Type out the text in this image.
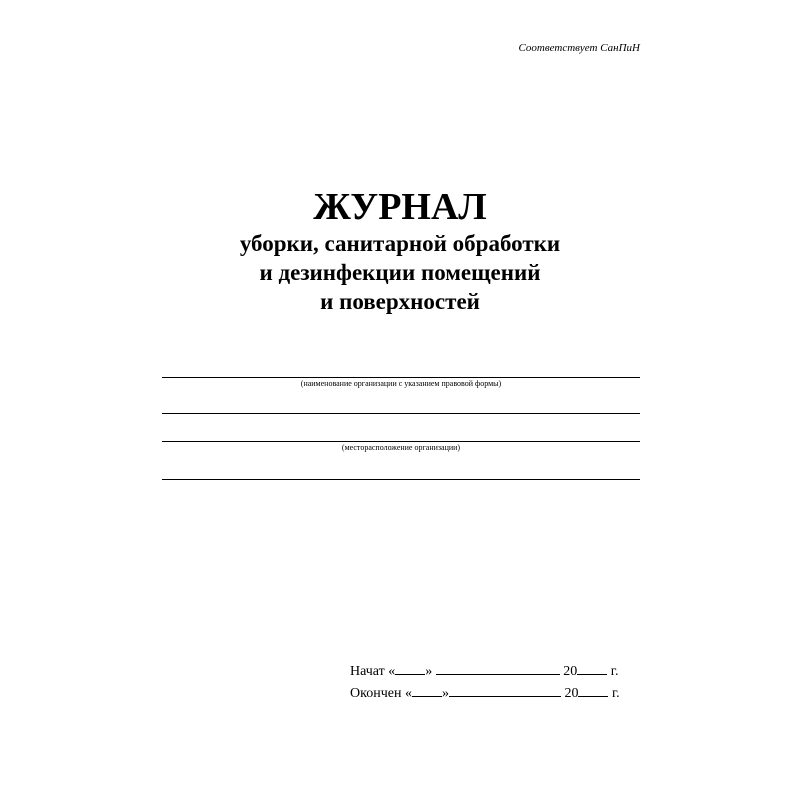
Соответствует СанПиН

ЖУРНАЛ

уборки, санитарной обработки

и дезинфекции помещений

и поверхностей

(наименование организации с указанием правовой формы)
(месторасположение организации)
Начат « »	20 г.
Окончен « »	20 г.
